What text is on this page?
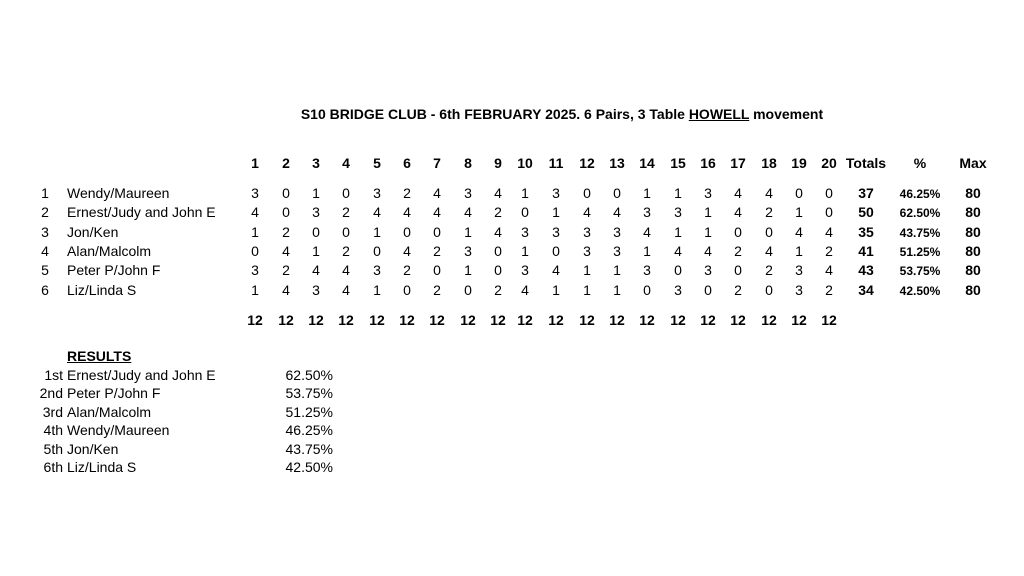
S10 BRIDGE CLUB - 6th FEBRUARY 2025. 6 Pairs, 3 Table HOWELL movement
1 2 3 4 5 6 7 8 9 10 11 12 13 14 15 16 17 18 19 20 Totals % Max
1 Wendy/Maureen	3 0 1 0 3 2 4 3 4 1 3 0 0 1 1 3 4 4 0 0 37 46.25% 80
2 Ernest/Judy and John E	4 0 3 2 4 4 4 4 2 0 1 4 4 3 3 1 4 2 1 0 50 62.50% 80
3 Jon/Ken	1 2 0 0 1 0 0 1 4 3 3 3 3 4 1 1 0 0 4 4 35 43.75% 80
4 Alan/Malcolm	0 4 1 2 0 4 2 3 0 1 0 3 3 1 4 4 2 4 1 2 41 51.25% 80
5 Peter P/John F	3 2 4 4 3 2 0 1 0 3 4 1 1 3 0 3 0 2 3 4 43 53.75% 80
6 Liz/Linda S	1 4 3 4 1 0 2 0 2 4 1 1 1 0 3 0 2 0 3 2 34 42.50% 80
12 12 12 12 12 12 12 12 12 12 12 12 12 12 12 12 12 12 12 12
1st Ernest/Judy and John E	62.50%
2nd Peter P/John F	53.75%
3rd Alan/Malcolm	51.25%
4th Wendy/Maureen	46.25%
5th Jon/Ken	43.75%
6th Liz/Linda S	42.50%
RESULTS
